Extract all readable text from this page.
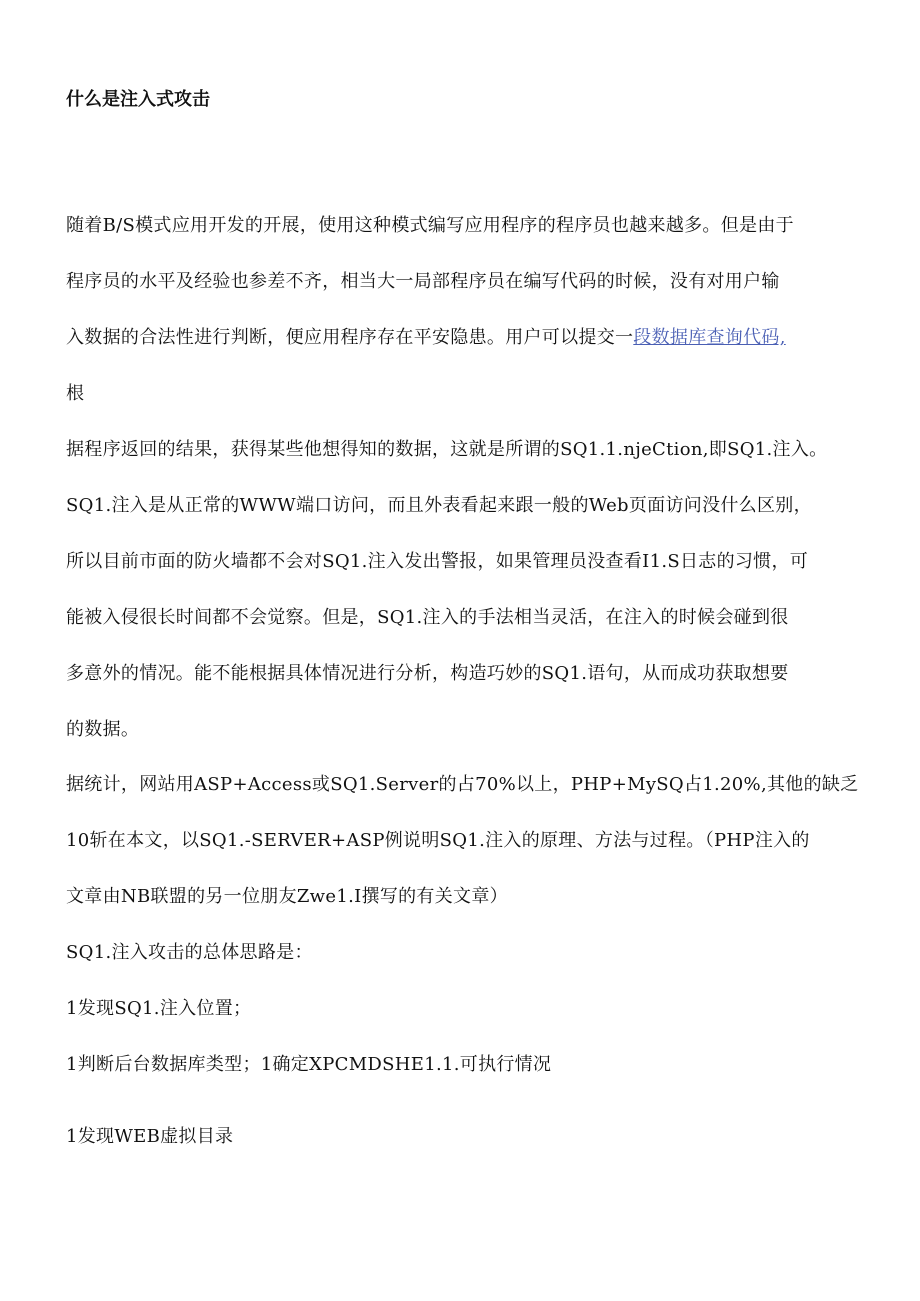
什么是注入式攻击
随着B/S模式应用开发的开展，使用这种模式编写应用程序的程序员也越来越多。但是由于
程序员的水平及经验也参差不齐，相当大一局部程序员在编写代码的时候，没有对用户输
入数据的合法性进行判断，便应用程序存在平安隐患。用户可以提交一段数据库查询代码,
根
据程序返回的结果，获得某些他想得知的数据，这就是所谓的SQ1.1.njeCtion,即SQ1.注入。
SQ1.注入是从正常的WWW端口访问，而且外表看起来跟一般的Web页面访问没什么区别，
所以目前市面的防火墙都不会对SQ1.注入发出警报，如果管理员没查看I1.S日志的习惯，可
能被入侵很长时间都不会觉察。但是，SQ1.注入的手法相当灵活，在注入的时候会碰到很
多意外的情况。能不能根据具体情况进行分析，构造巧妙的SQ1.语句，从而成功获取想要
的数据。
据统计，网站用ASP+Access或SQ1.Server的占70%以上，PHP+MySQ占1.20%,其他的缺乏
10斩在本文，以SQ1.-SERVER+ASP例说明SQ1.注入的原理、方法与过程。（PHP注入的
文章由NB联盟的另一位朋友Zwe1.I撰写的有关文章）
SQ1.注入攻击的总体思路是：
1发现SQ1.注入位置；
1判断后台数据库类型；1确定XPCMDSHE1.1.可执行情况
1发现WEB虚拟目录
